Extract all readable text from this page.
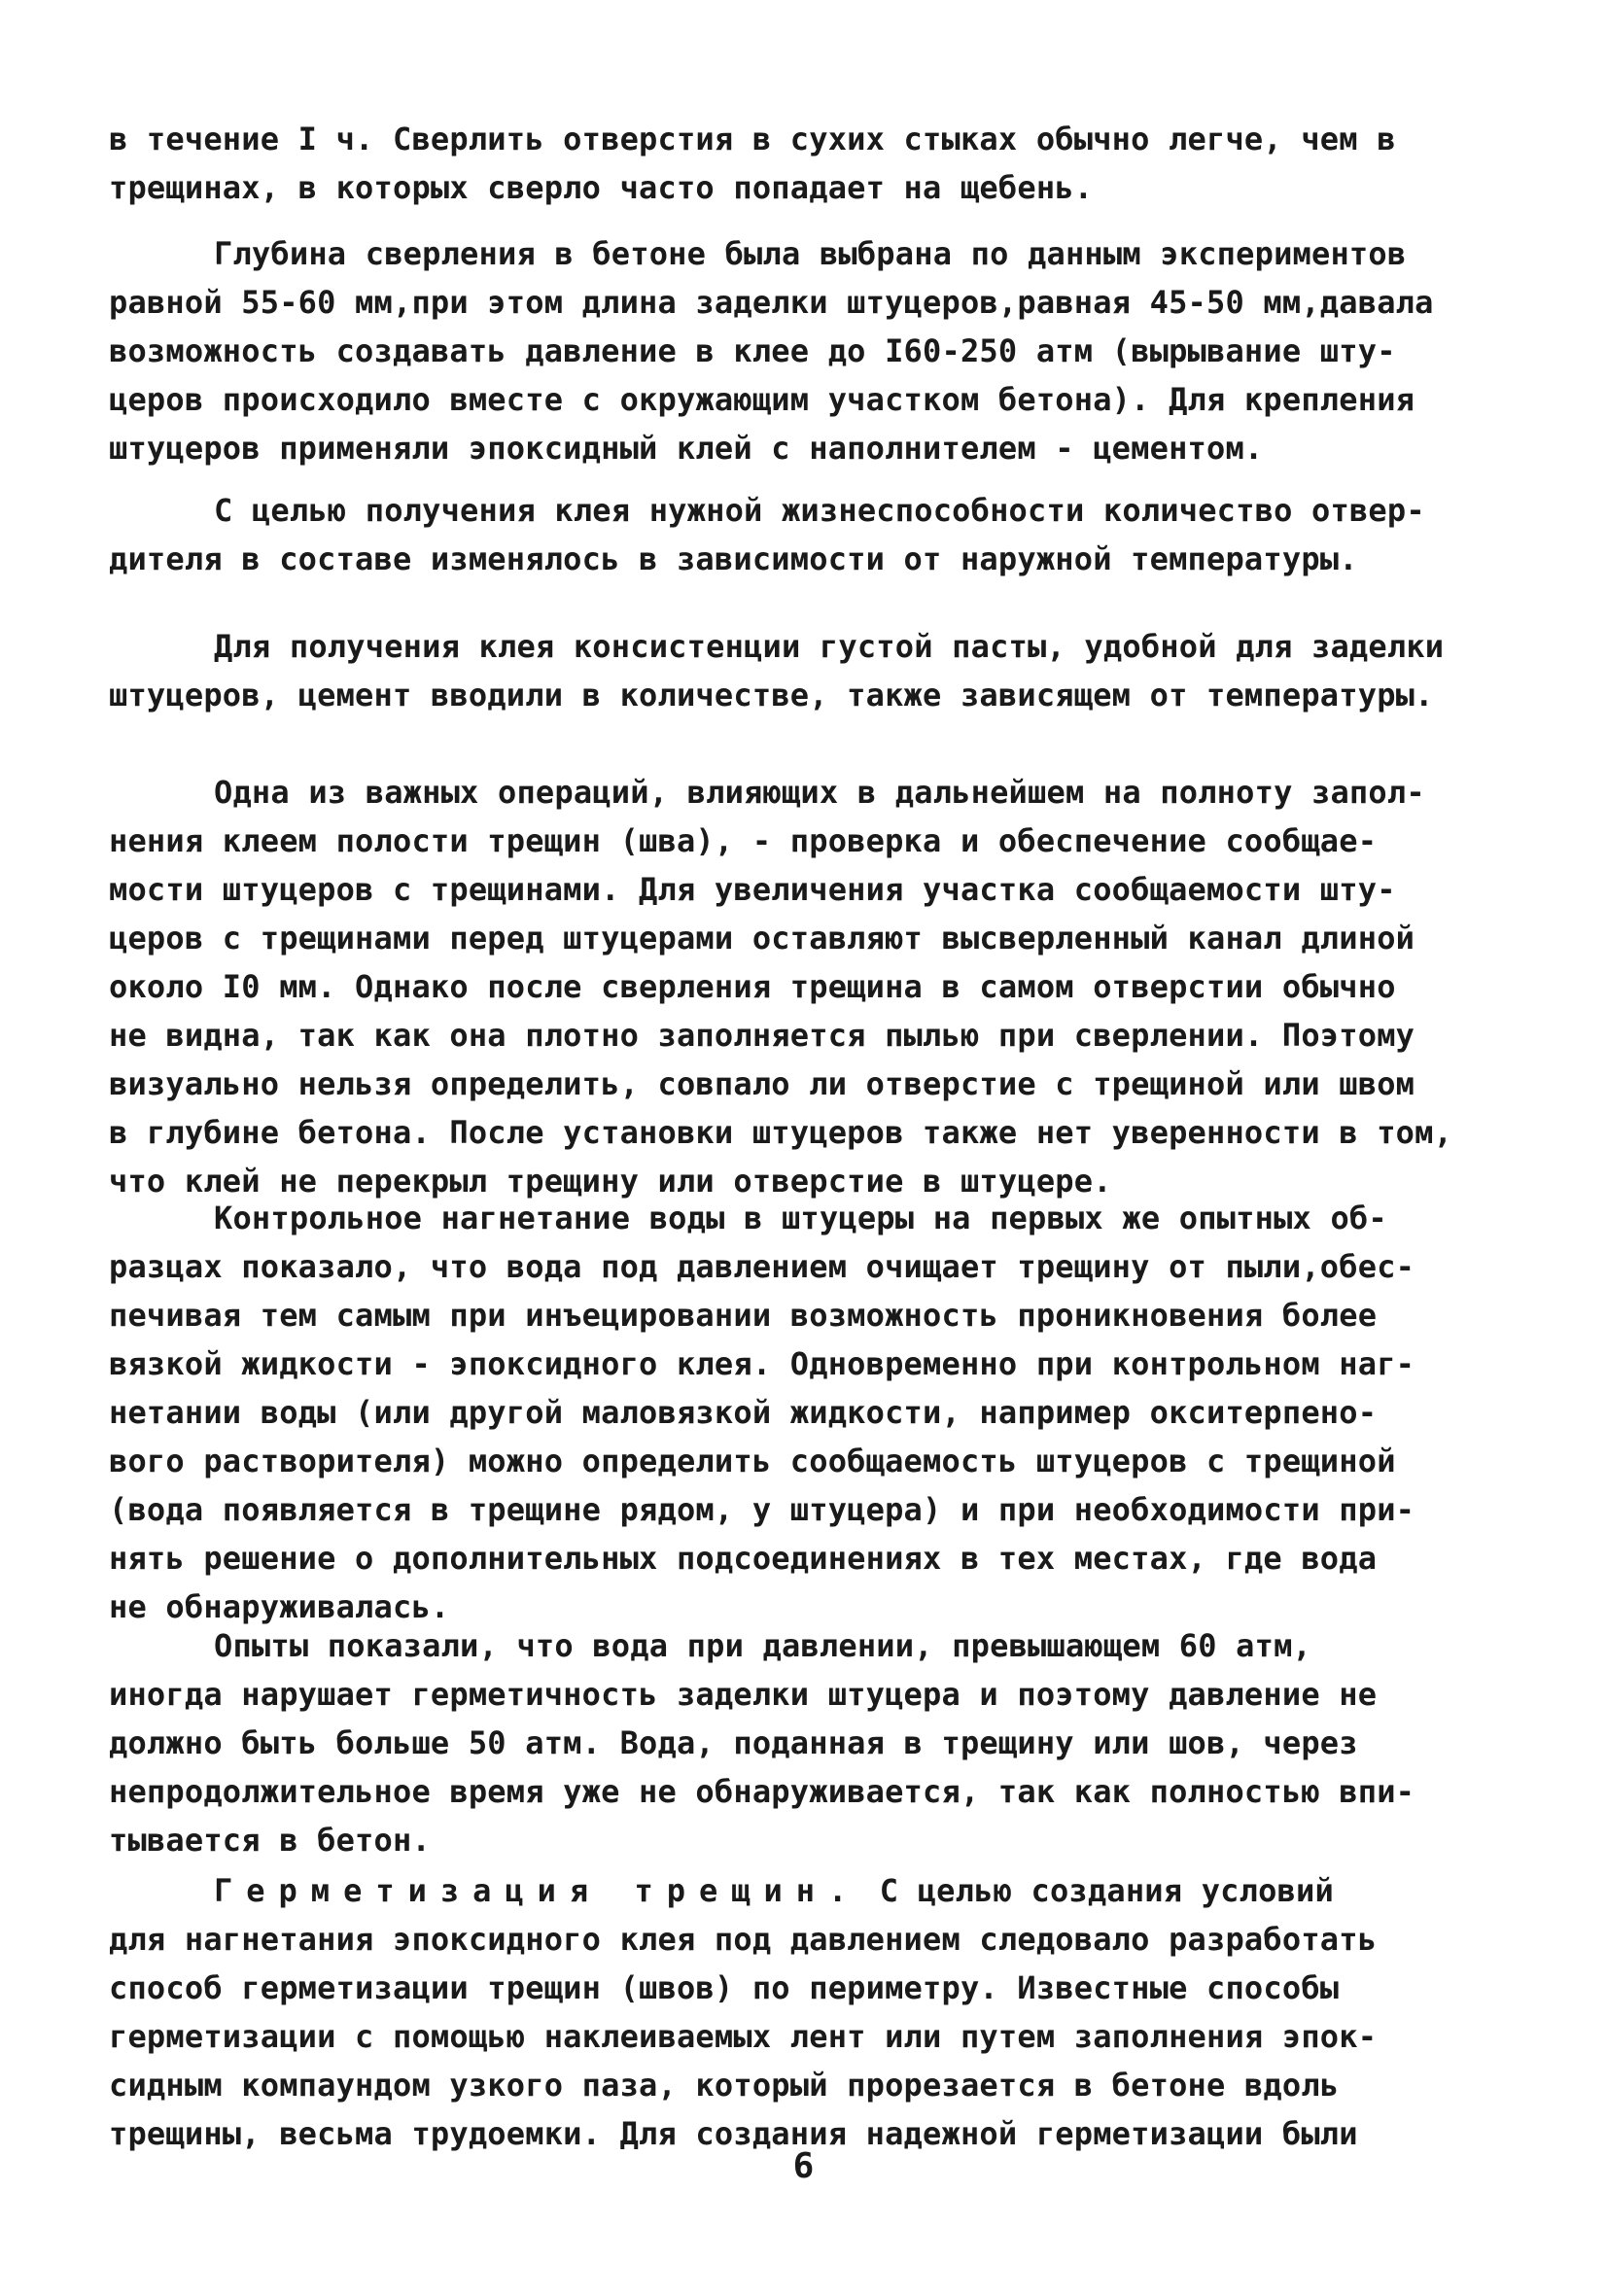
в течение I ч. Сверлить отверстия в сухих стыках обычно легче, чем в
трещинах, в которых сверло часто попадает на щебень.
Глубина сверления в бетоне была выбрана по данным экспериментов
равной 55-60 мм,при этом длина заделки штуцеров,равная 45-50 мм,давала
возможность создавать давление в клее до I60-250 атм (вырывание шту-
церов происходило вместе с окружающим участком бетона). Для крепления
штуцеров применяли эпоксидный клей с наполнителем - цементом.
С целью получения клея нужной жизнеспособности количество отвер-
дителя в составе изменялось в зависимости от наружной температуры.
Для получения клея консистенции густой пасты, удобной для заделки
штуцеров, цемент вводили в количестве, также зависящем от температуры.
Одна из важных операций, влияющих в дальнейшем на полноту запол-
нения клеем полости трещин (шва), - проверка и обеспечение сообщае-
мости штуцеров с трещинами. Для увеличения участка сообщаемости шту-
церов с трещинами перед штуцерами оставляют высверленный канал длиной
около I0 мм. Однако после сверления трещина в самом отверстии обычно
не видна, так как она плотно заполняется пылью при сверлении. Поэтому
визуально нельзя определить, совпало ли отверстие с трещиной или швом
в глубине бетона. После установки штуцеров также нет уверенности в том,
что клей не перекрыл трещину или отверстие в штуцере.
Контрольное нагнетание воды в штуцеры на первых же опытных об-
разцах показало, что вода под давлением очищает трещину от пыли,обес-
печивая тем самым при инъецировании возможность проникновения более
вязкой жидкости - эпоксидного клея. Одновременно при контрольном наг-
нетании воды (или другой маловязкой жидкости, например окситерпено-
вого растворителя) можно определить сообщаемость штуцеров с трещиной
(вода появляется в трещине рядом, у штуцера) и при необходимости при-
нять решение о дополнительных подсоединениях в тех местах, где вода
не обнаруживалась.
Опыты показали, что вода при давлении, превышающем 60 атм,
иногда нарушает герметичность заделки штуцера и поэтому давление не
должно быть больше 50 атм. Вода, поданная в трещину или шов, через
непродолжительное время уже не обнаруживается, так как полностью впи-
тывается в бетон.
Герметизация трещин. С целью создания условий
для нагнетания эпоксидного клея под давлением следовало разработать
способ герметизации трещин (швов) по периметру. Известные способы
герметизации с помощью наклеиваемых лент или путем заполнения эпок-
сидным компаундом узкого паза, который прорезается в бетоне вдоль
трещины, весьма трудоемки. Для создания надежной герметизации были
6
